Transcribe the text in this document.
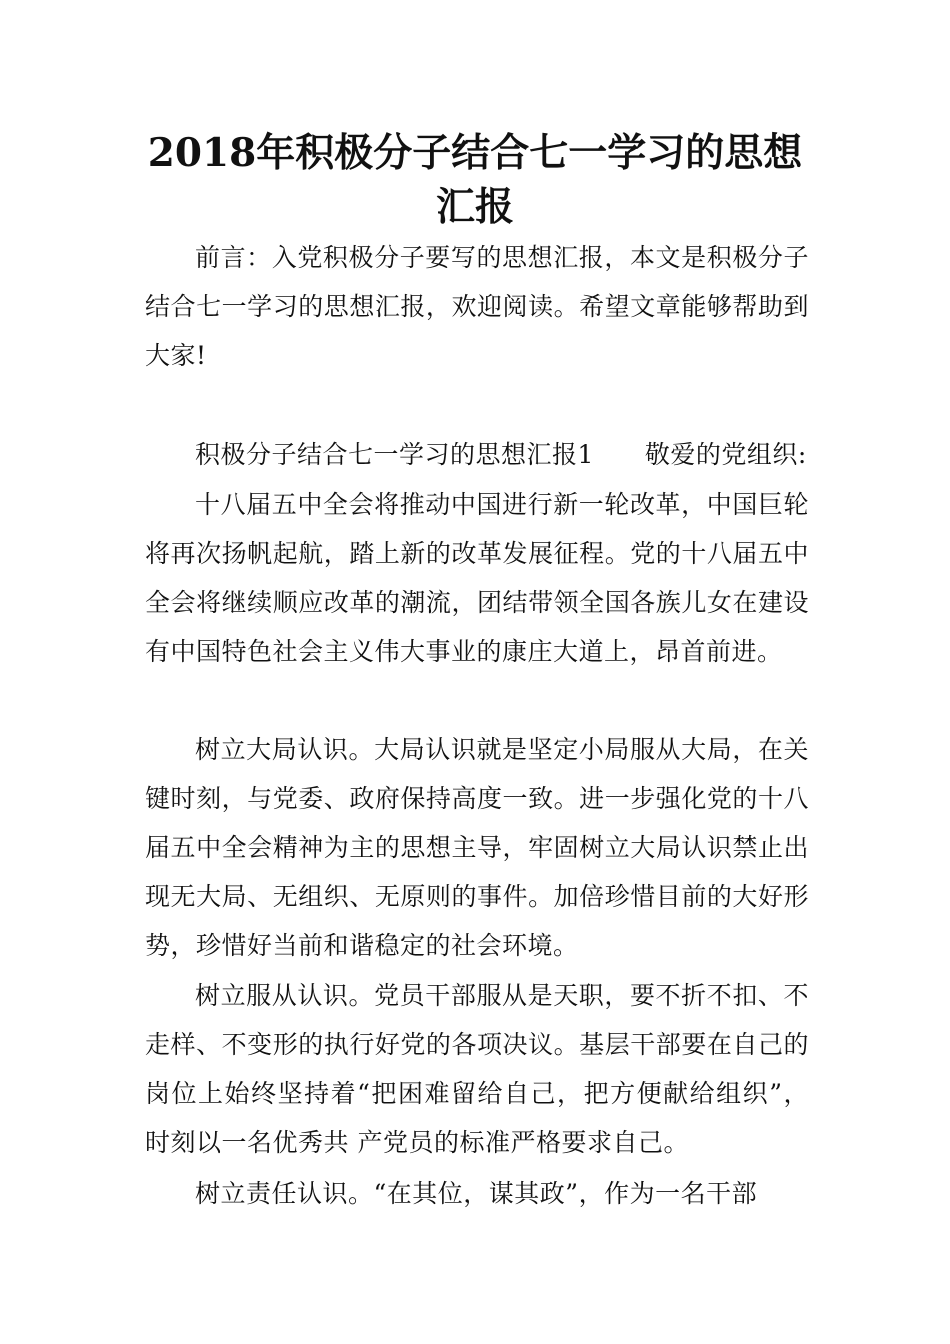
2018年积极分子结合七一学习的思想汇报

前言：入党积极分子要写的思想汇报，本文是积极分子结合七一学习的思想汇报，欢迎阅读。希望文章能够帮助到大家!

积极分子结合七一学习的思想汇报1　　敬爱的党组织:

十八届五中全会将推动中国进行新一轮改革，中国巨轮将再次扬帆起航，踏上新的改革发展征程。党的十八届五中全会将继续顺应改革的潮流，团结带领全国各族儿女在建设有中国特色社会主义伟大事业的康庄大道上，昂首前进。

树立大局认识。大局认识就是坚定小局服从大局，在关键时刻，与党委、政府保持高度一致。进一步强化党的十八届五中全会精神为主的思想主导，牢固树立大局认识禁止出现无大局、无组织、无原则的事件。加倍珍惜目前的大好形势，珍惜好当前和谐稳定的社会环境。

树立服从认识。党员干部服从是天职，要不折不扣、不走样、不变形的执行好党的各项决议。基层干部要在自己的岗位上始终坚持着“把困难留给自己，把方便献给组织”，时刻以一名优秀共 产党员的标准严格要求自己。

树立责任认识。“在其位，谋其政”，作为一名干部
